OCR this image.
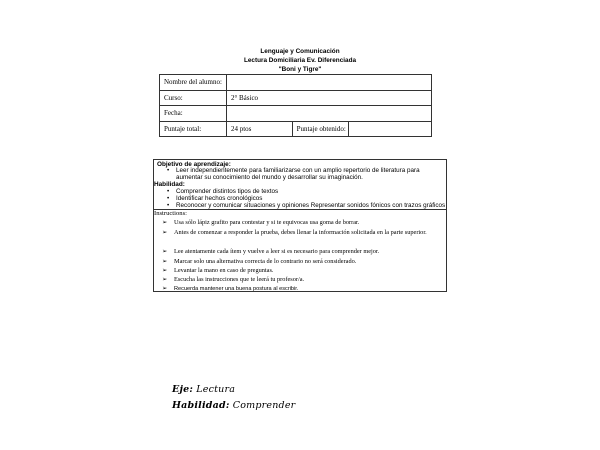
Lenguaje y Comunicación
Lectura Domiciliaria Ev. Diferenciada
"Boni y Tigre"
Nombre del alumno:			
Curso:	2° Básico		
Fecha:			
Puntaje total:	24 ptos	Puntaje obtenido:	
Objetivo de aprendizaje:
• Leer independientemente para familiarizarse con un amplio repertorio de literatura para aumentar su conocimiento del mundo y desarrollar su imaginación.
Habilidad:
• Comprender distintos tipos de textos
• Identificar hechos cronológicos
• Reconocer y comunicar situaciones y opiniones Representar sonidos fónicos con trazos gráficos
Instructions:
➢ Usa sólo lápiz grafito para contestar y si te equivocas usa goma de borrar.
➢ Antes de comenzar a responder la prueba, debes llenar la información solicitada en la parte superior.
➢ Lee atentamente cada ítem y vuelve a leer si es necesario para comprender mejor.
➢ Marcar solo una alternativa correcta de lo contrario no será considerado.
➢ Levantar la mano en caso de preguntas.
➢ Escucha las instrucciones que te leerá tu profesor/a.
➢ Recuerda mantener una buena postura al escribir.
Eje: Lectura
Habilidad: Comprender
